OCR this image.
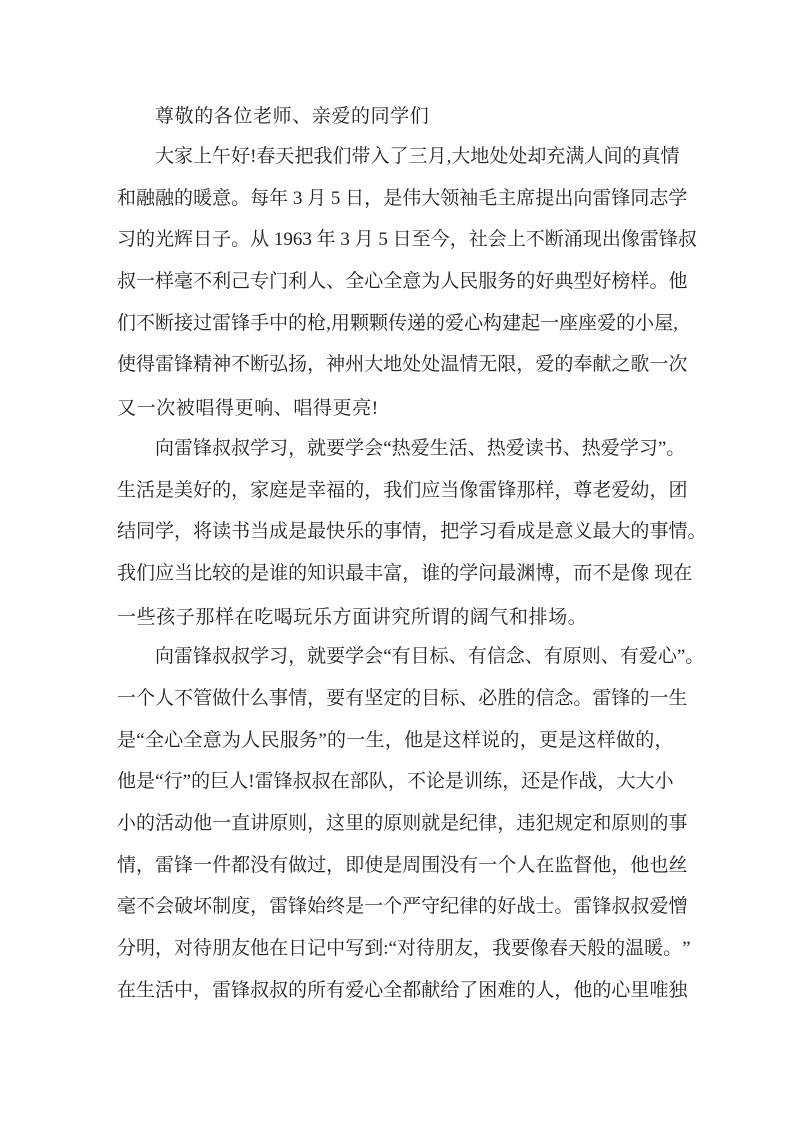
尊敬的各位老师、亲爱的同学们
大 家 上 午 好 ! 春 天 把 我 们 带 入 了 三 月 , 大 地 处 处 却 充 满 人 间 的 真 情
和 融 融 的 暖 意 。 每 年
3
月
5
日 ， 是 伟 大 领 袖 毛 主 席 提 出 向 雷 锋 同 志 学
习 的 光 辉 日 子 。 从
1 9 6 3
年
3
月
5
日 至 今 ， 社 会 上 不 断 涌 现 出 像 雷 锋 叔
叔 一 样 毫 不 利 己 专 门 利 人 、 全 心 全 意 为 人 民 服 务 的 好 典 型 好 榜 样 。 他
们 不 断 接 过 雷 锋 手 中 的 枪 , 用 颗 颗 传 递 的 爱 心 构 建 起 一 座 座 爱 的 小 屋 ,
使 得 雷 锋 精 神 不 断 弘 扬 ， 神 州 大 地 处 处 温 情 无 限 ， 爱 的 奉 献 之 歌 一 次
又一次被唱得更响、唱得更亮!
向 雷 锋 叔 叔 学 习 ， 就 要 学 会 “ 热 爱 生 活 、 热 爱 读 书 、 热 爱 学 习 ” 。
生 活 是 美 好 的 ， 家 庭 是 幸 福 的 ， 我 们 应 当 像 雷 锋 那 样 ， 尊 老 爱 幼 ， 团
结 同 学 ， 将 读 书 当 成 是 最 快 乐 的 事 情 ， 把 学 习 看 成 是 意 义 最 大 的 事 情 。
我 们 应 当 比 较 的 是 谁 的 知 识 最 丰 富 ， 谁 的 学 问 最 渊 博 ， 而 不 是 像
现 在
一些孩子那样在吃喝玩乐方面讲究所谓的阔气和排场。
向 雷 锋 叔 叔 学 习 ， 就 要 学 会 “ 有 目 标 、 有 信 念 、 有 原 则 、 有 爱 心 ” 。
一 个 人 不 管 做 什 么 事 情 ， 要 有 坚 定 的 目 标 、 必 胜 的 信 念 。 雷 锋 的 一 生
是 “ 全 心 全 意 为 人 民 服 务 ” 的 一 生 ， 他 是 这 样 说 的 ， 更 是 这 样 做 的 ，
他 是 “ 行 ” 的 巨 人 ! 雷 锋 叔 叔 在 部 队 ， 不 论 是 训 练 ， 还 是 作 战 ， 大 大 小
小 的 活 动 他 一 直 讲 原 则 ， 这 里 的 原 则 就 是 纪 律 ， 违 犯 规 定 和 原 则 的 事
情 ， 雷 锋 一 件 都 没 有 做 过 ， 即 使 是 周 围 没 有 一 个 人 在 监 督 他 ， 他 也 丝
毫 不 会 破 坏 制 度 ， 雷 锋 始 终 是 一 个 严 守 纪 律 的 好 战 士 。 雷 锋 叔 叔 爱 憎
分 明 ， 对 待 朋 友 他 在 日 记 中 写 到 : “ 对 待 朋 友 ， 我 要 像 春 天 般 的 温 暖 。 ”
在 生 活 中 ， 雷 锋 叔 叔 的 所 有 爱 心 全 都 献 给 了 困 难 的 人 ， 他 的 心 里 唯 独
